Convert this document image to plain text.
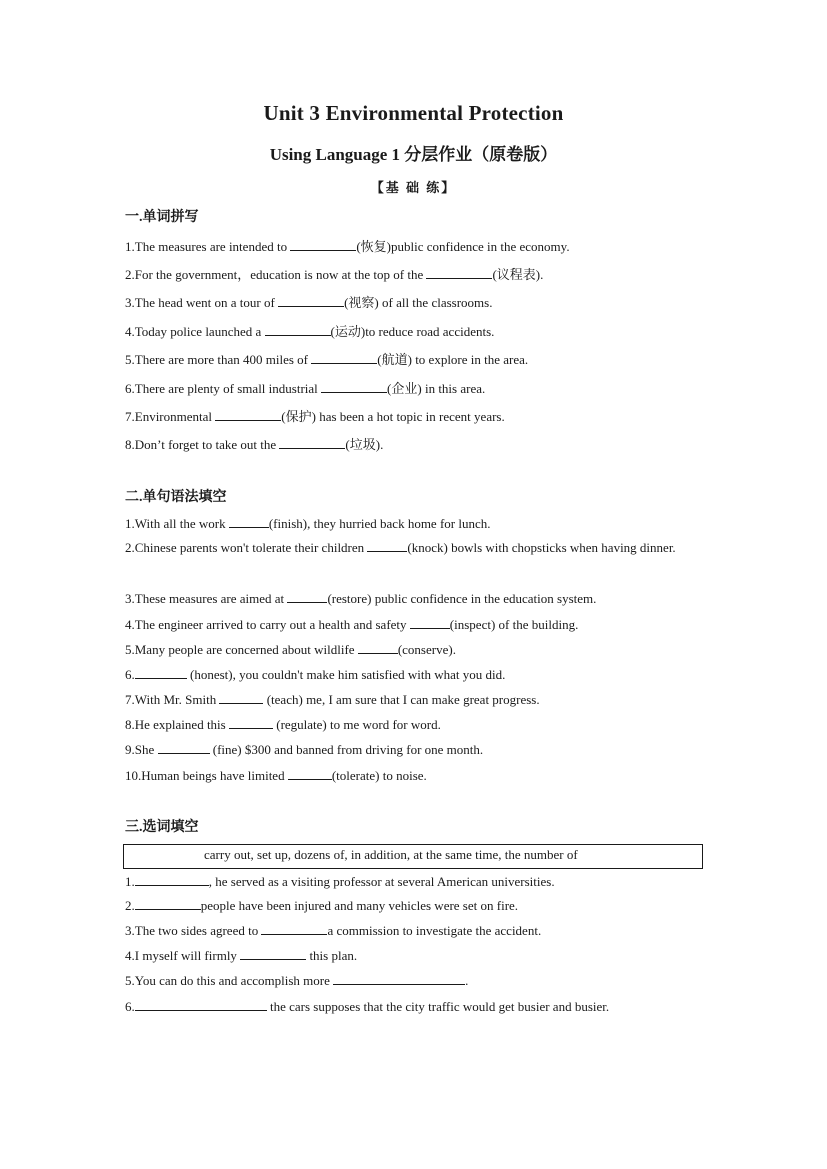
Unit 3 Environmental Protection
Using Language 1 分层作业（原卷版）
【基 础 练】
一.单词拼写
1.The measures are intended to	(恢复)public confidence in the economy.
2.For the government，education is now at the top of the	(议程表).
3.The head went on a tour of	(视察) of all the classrooms.
4.Today police launched a	(运动)to reduce road accidents.
5.There are more than 400 miles of	(航道) to explore in the area.
6.There are plenty of small industrial	(企业) in this area.
7.Environmental	(保护) has been a hot topic in recent years.
8.Don’t forget to take out the	(垃圾).
二.单句语法填空
1.With all the work	(finish), they hurried back home for lunch.
2.Chinese parents won't tolerate their children	(knock) bowls with chopsticks when having dinner.
3.These measures are aimed at	(restore) public confidence in the education system.
4.The engineer arrived to carry out a health and safety	(inspect) of the building.
5.Many people are concerned about wildlife	(conserve).
6.	(honest), you couldn't make him satisfied with what you did.
7.With Mr. Smith	(teach) me, I am sure that I can make great progress.
8.He explained this	(regulate) to me word for word.
9.She	(fine) $300 and banned from driving for one month.
10.Human beings have limited	(tolerate) to noise.
三.选词填空
carry out, set up, dozens of, in addition, at the same time, the number of
1.	, he served as a visiting professor at several American universities.
2.	people have been injured and many vehicles were set on fire.
3.The two sides agreed to	a commission to investigate the accident.
4.I myself will firmly	this plan.
5.You can do this and accomplish more	.
6.	the cars supposes that the city traffic would get busier and busier.
